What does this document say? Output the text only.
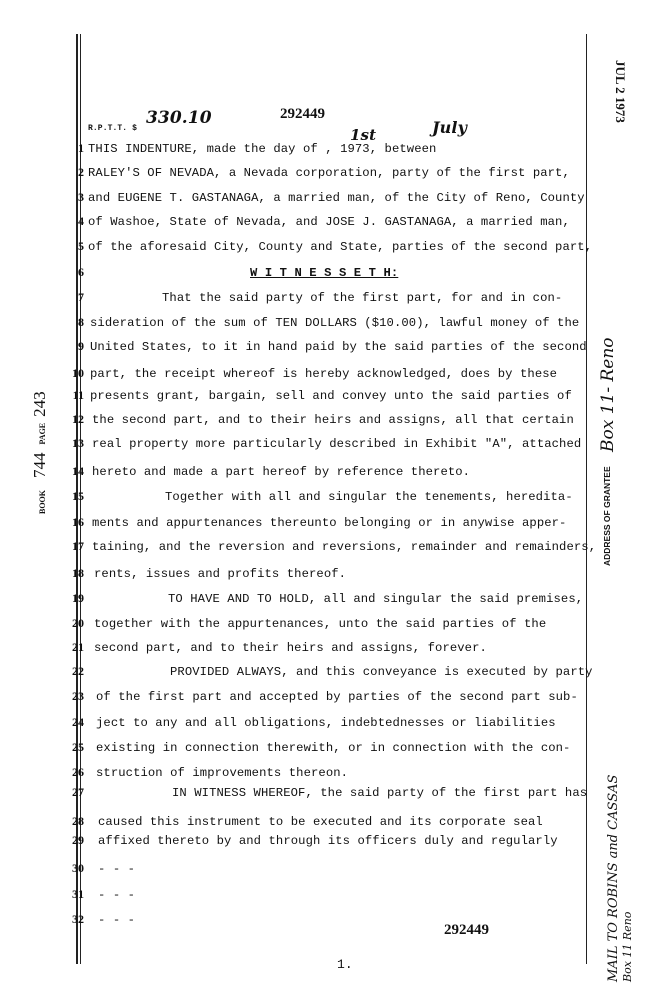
R.P.T.T. $
330.10	292449
1 THIS INDENTURE, made the day of , 1973, between
2 RALEY'S OF NEVADA, a Nevada corporation, party of the first part,
3 and EUGENE T. GASTANAGA, a married man, of the City of Reno, County
4 of Washoe, State of Nevada, and JOSE J. GASTANAGA, a married man,
5 of the aforesaid City, County and State, parties of the second part,
6	W I T N E S S E T H:
7	That the said party of the first part, for and in con-
8 sideration of the sum of TEN DOLLARS ($10.00), lawful money of the
9 United States, to it in hand paid by the said parties of the second
10 part, the receipt whereof is hereby acknowledged, does by these
11 presents grant, bargain, sell and convey unto the said parties of
12 the second part, and to their heirs and assigns, all that certain
13 real property more particularly described in Exhibit "A", attached
14 hereto and made a part hereof by reference thereto.
15	Together with all and singular the tenements, heredita-
16 ments and appurtenances thereunto belonging or in anywise apper-
17 taining, and the reversion and reversions, remainder and remainders,
18 rents, issues and profits thereof.
19	TO HAVE AND TO HOLD, all and singular the said premises,
20 together with the appurtenances, unto the said parties of the
21 second part, and to their heirs and assigns, forever.
22	PROVIDED ALWAYS, and this conveyance is executed by party
23 of the first part and accepted by parties of the second part sub-
24 ject to any and all obligations, indebtednesses or liabilities
25 existing in connection therewith, or in connection with the con-
26 struction of improvements thereon.
27	IN WITNESS WHEREOF, the said party of the first part has
28 caused this instrument to be executed and its corporate seal
29 affixed thereto by and through its officers duly and regularly
30 - - -
31 - - -
32 - - -
1st	July
292449
1.
BOOK 744 PAGE 243
JUL 2 1973
ADDRESS OF GRANTEE
Box 11- Reno
MAIL TO ROBINS and CASSAS Box 11 Reno
